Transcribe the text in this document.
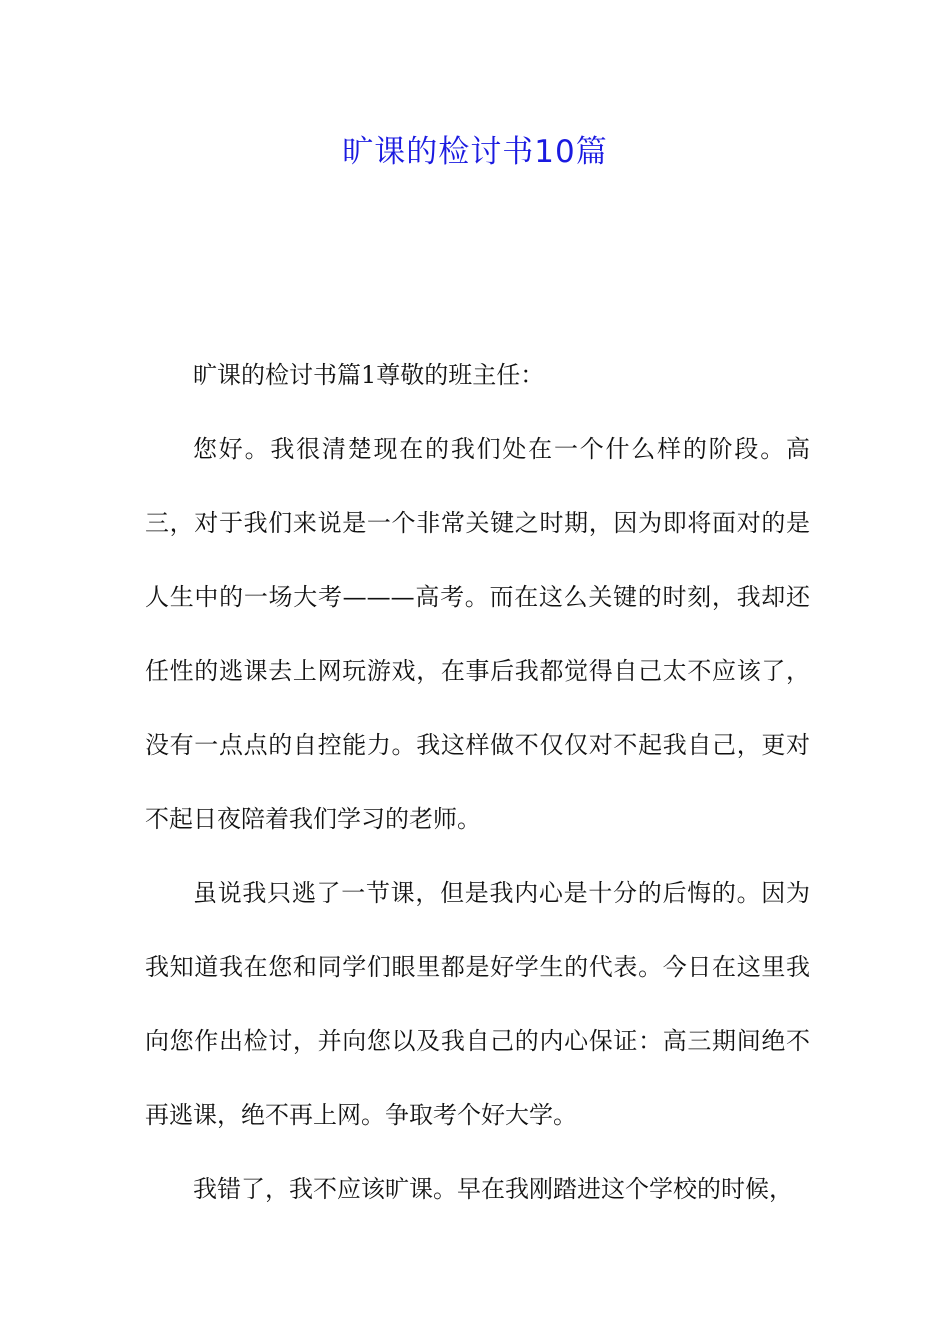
旷课的检讨书10篇

旷课的检讨书篇1尊敬的班主任：

您好。我很清楚现在的我们处在一个什么样的阶段。高三，对于我们来说是一个非常关键之时期，因为即将面对的是人生中的一场大考———高考。而在这么关键的时刻，我却还任性的逃课去上网玩游戏，在事后我都觉得自己太不应该了，没有一点点的自控能力。我这样做不仅仅对不起我自己，更对不起日夜陪着我们学习的老师。

虽说我只逃了一节课，但是我内心是十分的后悔的。因为我知道我在您和同学们眼里都是好学生的代表。今日在这里我向您作出检讨，并向您以及我自己的内心保证：高三期间绝不再逃课，绝不再上网。争取考个好大学。

我错了，我不应该旷课。早在我刚踏进这个学校的时候，
